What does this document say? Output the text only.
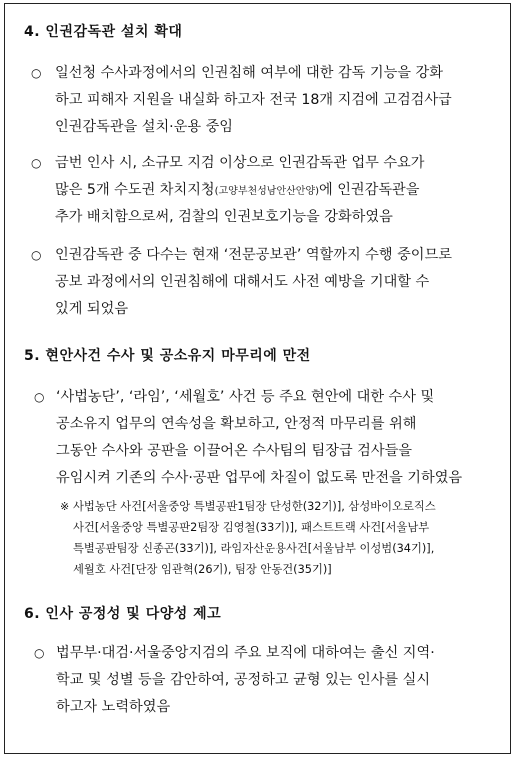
4. 인권감독관 설치 확대
○ 일선청 수사과정에서의 인권침해 여부에 대한 감독 기능을 강화
하고 피해자 지원을 내실화 하고자 전국 18개 지검에 고검검사급
인권감독관을 설치·운용 중임
○ 금번 인사 시, 소규모 지검 이상으로 인권감독관 업무 수요가
많은 5개 수도권 차치지청(고양부천성남안산안양)에 인권감독관을
추가 배치함으로써, 검찰의 인권보호기능을 강화하였음
○ 인권감독관 중 다수는 현재 ‘전문공보관’ 역할까지 수행 중이므로
공보 과정에서의 인권침해에 대해서도 사전 예방을 기대할 수
있게 되었음
5. 현안사건 수사 및 공소유지 마무리에 만전
○ ‘사법농단’, ‘라임’, ‘세월호’ 사건 등 주요 현안에 대한 수사 및
공소유지 업무의 연속성을 확보하고, 안정적 마무리를 위해
그동안 수사와 공판을 이끌어온 수사팀의 팀장급 검사들을
유임시켜 기존의 수사·공판 업무에 차질이 없도록 만전을 기하였음
※ 사법농단 사건[서울중앙 특별공판1팀장 단성한(32기)], 삼성바이오로직스
사건[서울중앙 특별공판2팀장 김영철(33기)], 패스트트랙 사건[서울남부
특별공판팀장 신종곤(33기)], 라임자산운용사건[서울남부 이성범(34기)],
세월호 사건[단장 임관혁(26기), 팀장 안동건(35기)]
6. 인사 공정성 및 다양성 제고
○ 법무부·대검·서울중앙지검의 주요 보직에 대하여는 출신 지역·
학교 및 성별 등을 감안하여, 공정하고 균형 있는 인사를 실시
하고자 노력하였음
